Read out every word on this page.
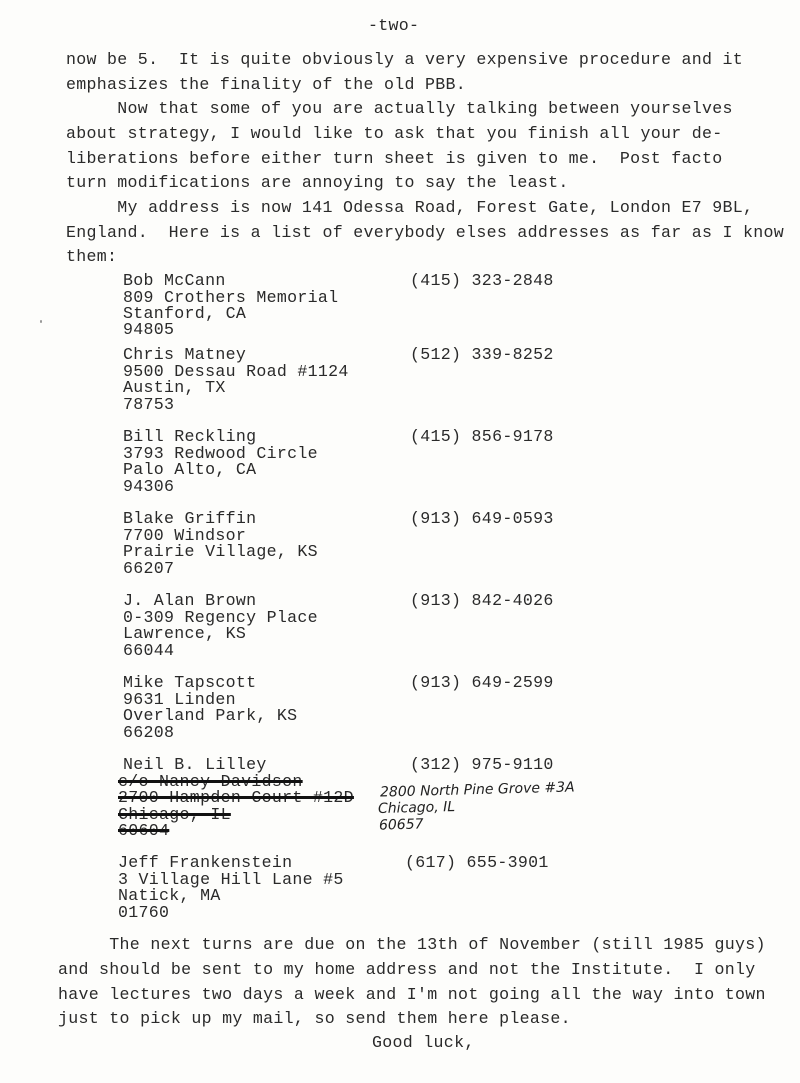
-two-
now be 5.  It is quite obviously a very expensive procedure and it
emphasizes the finality of the old PBB.
Now that some of you are actually talking between yourselves
about strategy, I would like to ask that you finish all your de-
liberations before either turn sheet is given to me.  Post facto
turn modifications are annoying to say the least.
My address is now 141 Odessa Road, Forest Gate, London E7 9BL,
England.  Here is a list of everybody elses addresses as far as I know
them:
Bob McCann
809 Crothers Memorial
Stanford, CA
94805
(415) 323-2848
Chris Matney
9500 Dessau Road #1124
Austin, TX
78753
(512) 339-8252
Bill Reckling
3793 Redwood Circle
Palo Alto, CA
94306
(415) 856-9178
Blake Griffin
7700 Windsor
Prairie Village, KS
66207
(913) 649-0593
J. Alan Brown
0-309 Regency Place
Lawrence, KS
66044
(913) 842-4026
Mike Tapscott
9631 Linden
Overland Park, KS
66208
(913) 649-2599
Neil B. Lilley
c/o Nancy Davidson
2700 Hampden Court #12D
Chicago, IL
60604
(312) 975-9110
2800 North Pine Grove #3A
Chicago, IL
60657
Jeff Frankenstein
3 Village Hill Lane #5
Natick, MA
01760
(617) 655-3901
The next turns are due on the 13th of November (still 1985 guys)
and should be sent to my home address and not the Institute.  I only
have lectures two days a week and I'm not going all the way into town
just to pick up my mail, so send them here please.
Good luck,
